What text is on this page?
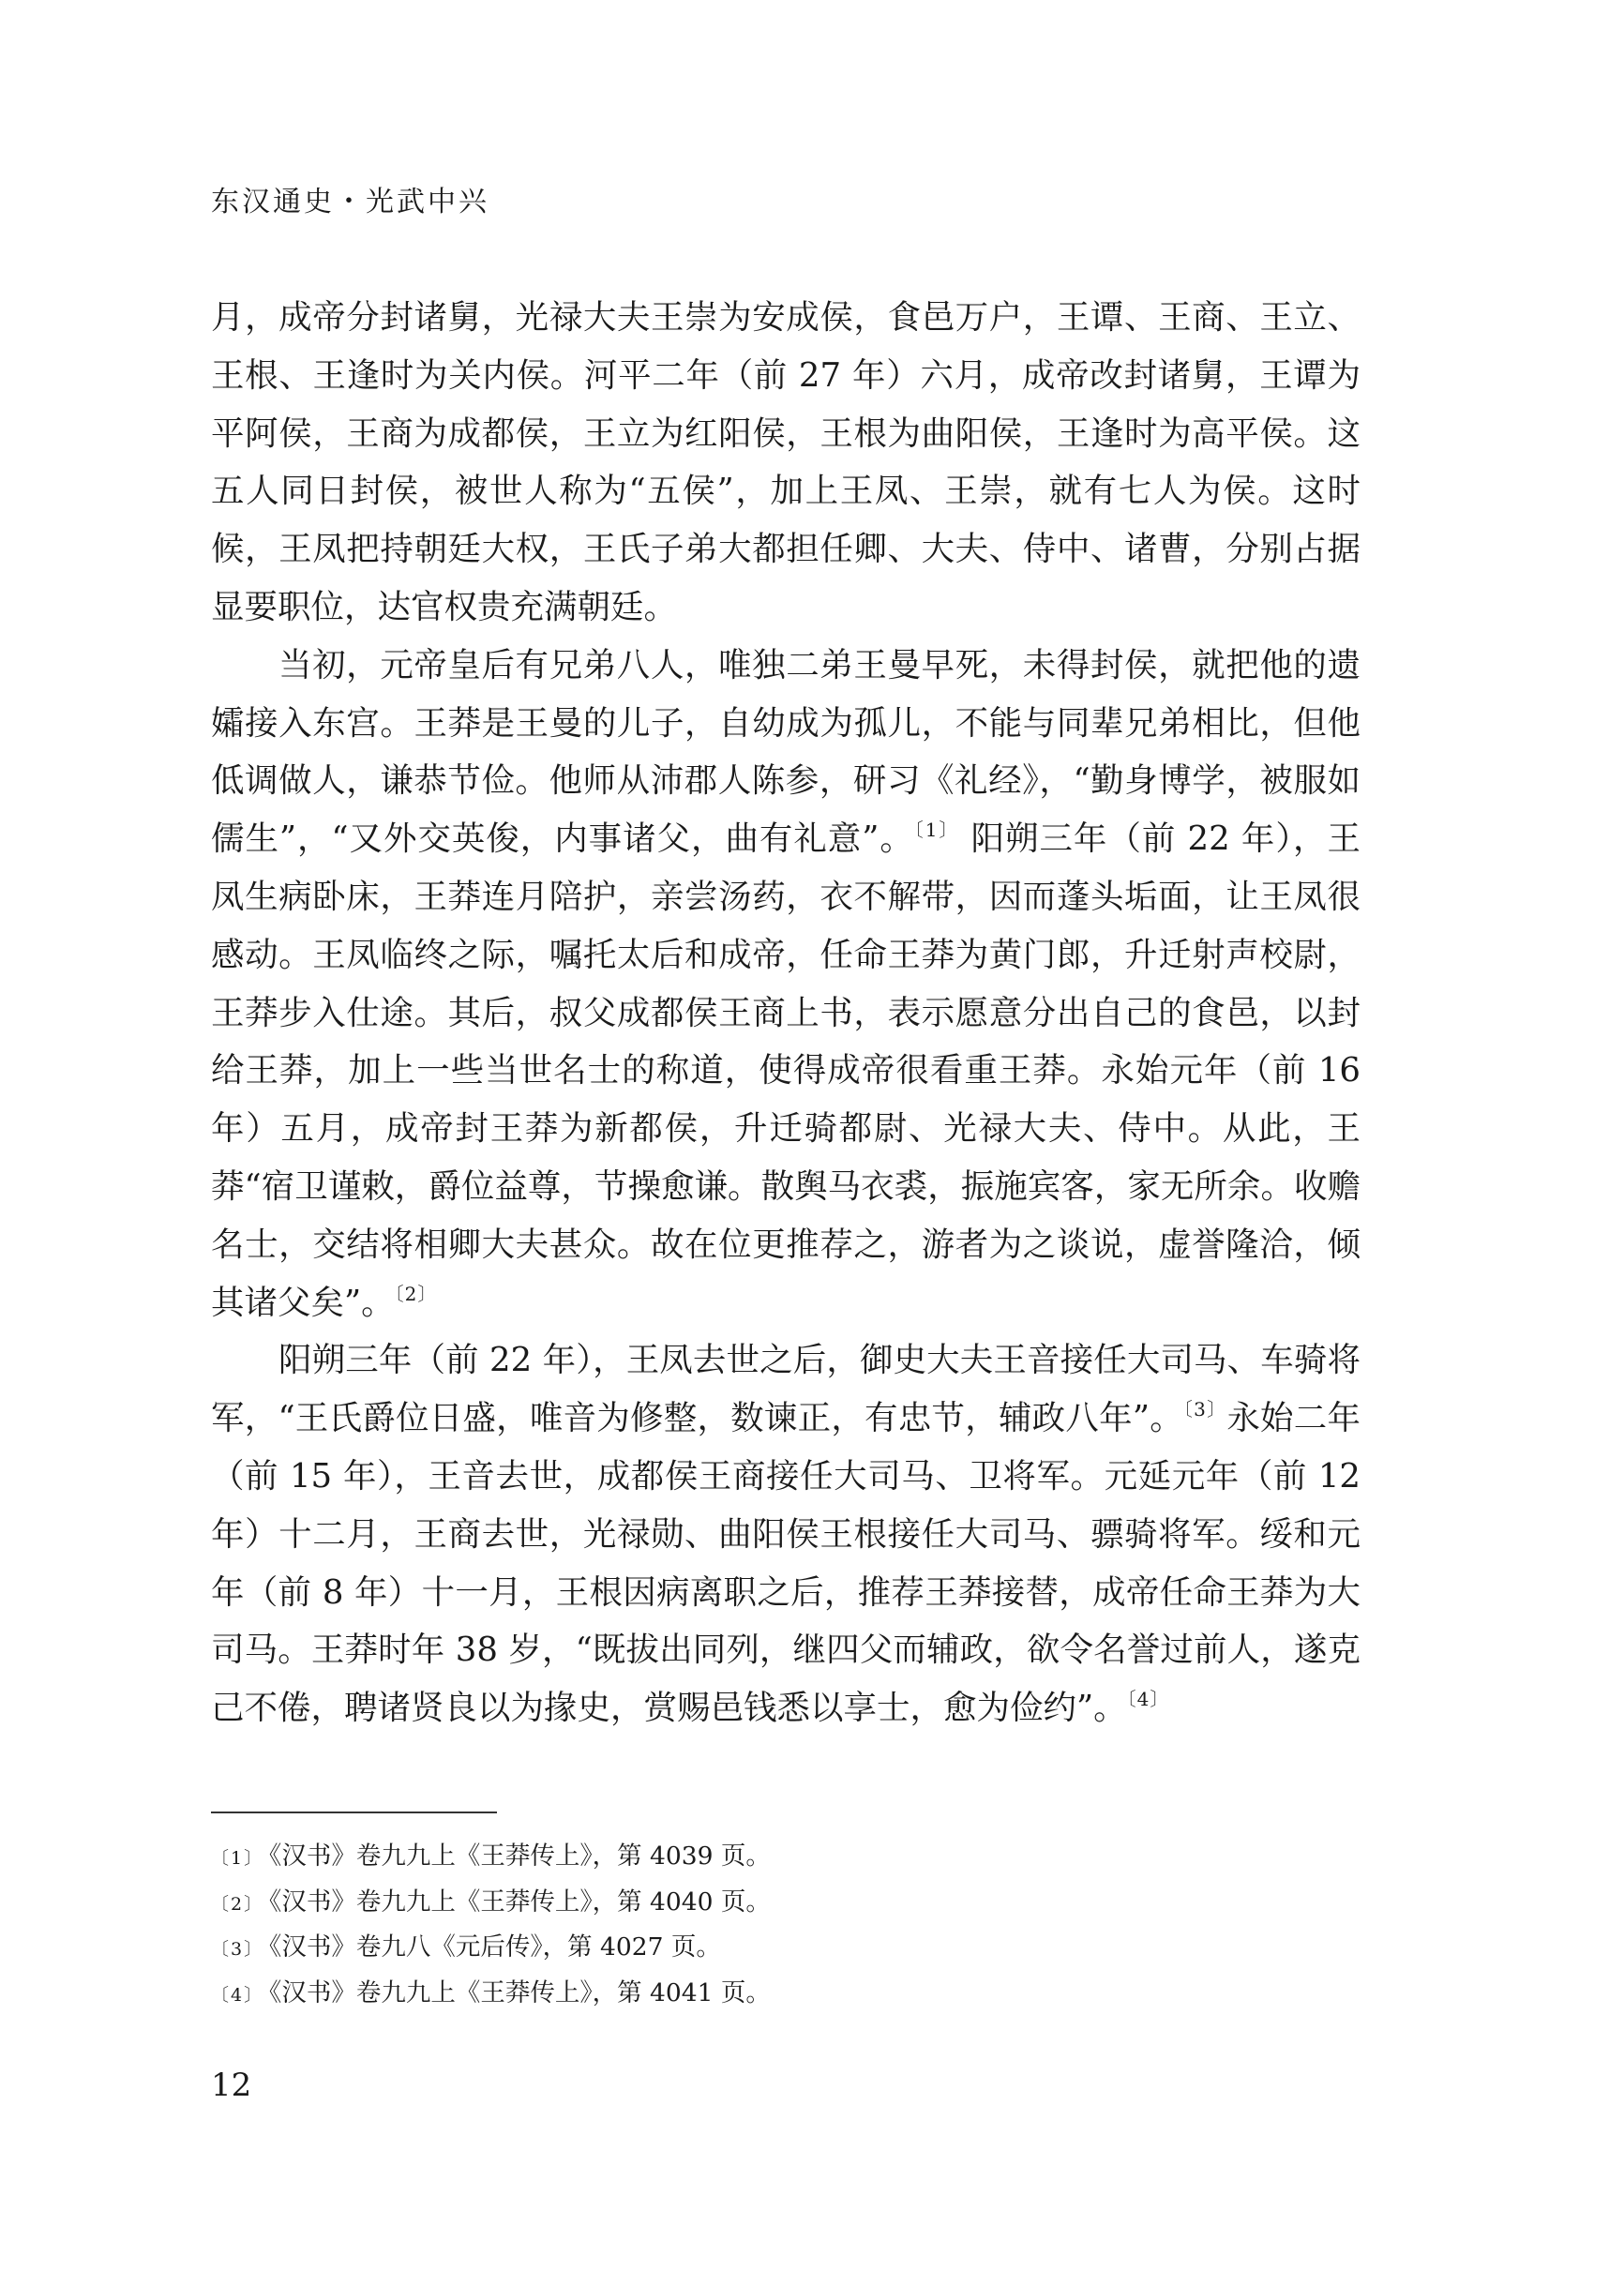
东汉通史・光武中兴

月，成帝分封诸舅，光禄大夫王崇为安成侯，食邑万户，王谭、王商、王立、王根、王逢时为关内侯。河平二年（前 27 年）六月，成帝改封诸舅，王谭为平阿侯，王商为成都侯，王立为红阳侯，王根为曲阳侯，王逢时为高平侯。这五人同日封侯，被世人称为“五侯”，加上王凤、王崇，就有七人为侯。这时候，王凤把持朝廷大权，王氏子弟大都担任卿、大夫、侍中、诸曹，分别占据显要职位，达官权贵充满朝廷。

当初，元帝皇后有兄弟八人，唯独二弟王曼早死，未得封侯，就把他的遗孀接入东宫。王莽是王曼的儿子，自幼成为孤儿，不能与同辈兄弟相比，但他低调做人，谦恭节俭。他师从沛郡人陈参，研习《礼经》，“勤身博学，被服如儒生”，“又外交英俊，内事诸父，曲有礼意”。$^{〔1〕}$ 阳朔三年（前 22 年），王凤生病卧床，王莽连月陪护，亲尝汤药，衣不解带，因而蓬头垢面，让王凤很感动。王凤临终之际，嘱托太后和成帝，任命王莽为黄门郎，升迁射声校尉，王莽步入仕途。其后，叔父成都侯王商上书，表示愿意分出自己的食邑，以封给王莽，加上一些当世名士的称道，使得成帝很看重王莽。永始元年（前 16 年）五月，成帝封王莽为新都侯，升迁骑都尉、光禄大夫、侍中。从此，王莽“宿卫谨敕，爵位益尊，节操愈谦。散舆马衣裘，振施宾客，家无所余。收赡名士，交结将相卿大夫甚众。故在位更推荐之，游者为之谈说，虚誉隆洽，倾其诸父矣”。$^{〔2〕}$

阳朔三年（前 22 年），王凤去世之后，御史大夫王音接任大司马、车骑将军，“王氏爵位日盛，唯音为修整，数谏正，有忠节，辅政八年”。$^{〔3〕}$永始二年（前 15 年），王音去世，成都侯王商接任大司马、卫将军。元延元年（前 12 年）十二月，王商去世，光禄勋、曲阳侯王根接任大司马、骠骑将军。绥和元年（前 8 年）十一月，王根因病离职之后，推荐王莽接替，成帝任命王莽为大司马。王莽时年 38 岁，“既拔出同列，继四父而辅政，欲令名誉过前人，遂克己不倦，聘诸贤良以为掾史，赏赐邑钱悉以享士，愈为俭约”。$^{〔4〕}$

〔1〕 《汉书》卷九九上《王莽传上》，第 4039 页。
〔2〕 《汉书》卷九九上《王莽传上》，第 4040 页。
〔3〕 《汉书》卷九八《元后传》，第 4027 页。
〔4〕 《汉书》卷九九上《王莽传上》，第 4041 页。
12
